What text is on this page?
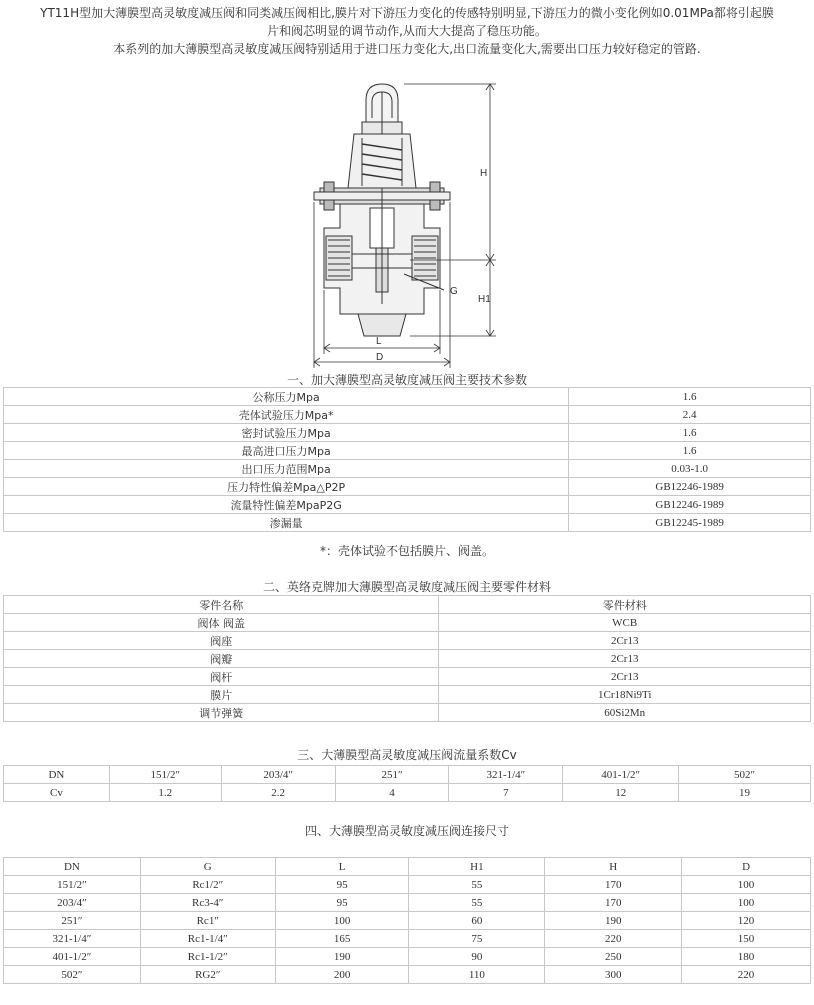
YT11H型加大薄膜型高灵敏度减压阀和同类减压阀相比,膜片对下游压力变化的传感特别明显,下游压力的微小变化例如0.01MPa都将引起膜

片和阀芯明显的调节动作,从而大大提高了稳压功能。

本系列的加大薄膜型高灵敏度减压阀特别适用于进口压力变化大,出口流量变化大,需要出口压力较好稳定的管路.

H
H1
G
L
D
一、加大薄膜型高灵敏度减压阀主要技术参数
公称压力Mpa	1.6
壳体试验压力Mpa*	2.4
密封试验压力Mpa	1.6
最高进口压力Mpa	1.6
出口压力范围Mpa	0.03-1.0
压力特性偏差Mpa△P2P	GB12246-1989
流量特性偏差MpaP2G	GB12246-1989
渗漏量	GB12245-1989
*：壳体试验不包括膜片、阀盖。
二、英络克牌加大薄膜型高灵敏度减压阀主要零件材料
零件名称	零件材料
阀体 阀盖	WCB
阀座	2Cr13
阀瓣	2Cr13
阀杆	2Cr13
膜片	1Cr18Ni9Ti
调节弹簧	60Si2Mn
三、大薄膜型高灵敏度减压阀流量系数Cv
DN	151/2″	203/4″	251″	321-1/4″	401-1/2″	502″
Cv	1.2	2.2	4	7	12	19
四、大薄膜型高灵敏度减压阀连接尺寸
DN	G	L	H1	H	D
151/2″	Rc1/2″	95	55	170	100
203/4″	Rc3-4″	95	55	170	100
251″	Rc1″	100	60	190	120
321-1/4″	Rc1-1/4″	165	75	220	150
401-1/2″	Rc1-1/2″	190	90	250	180
502″	RG2″	200	110	300	220
